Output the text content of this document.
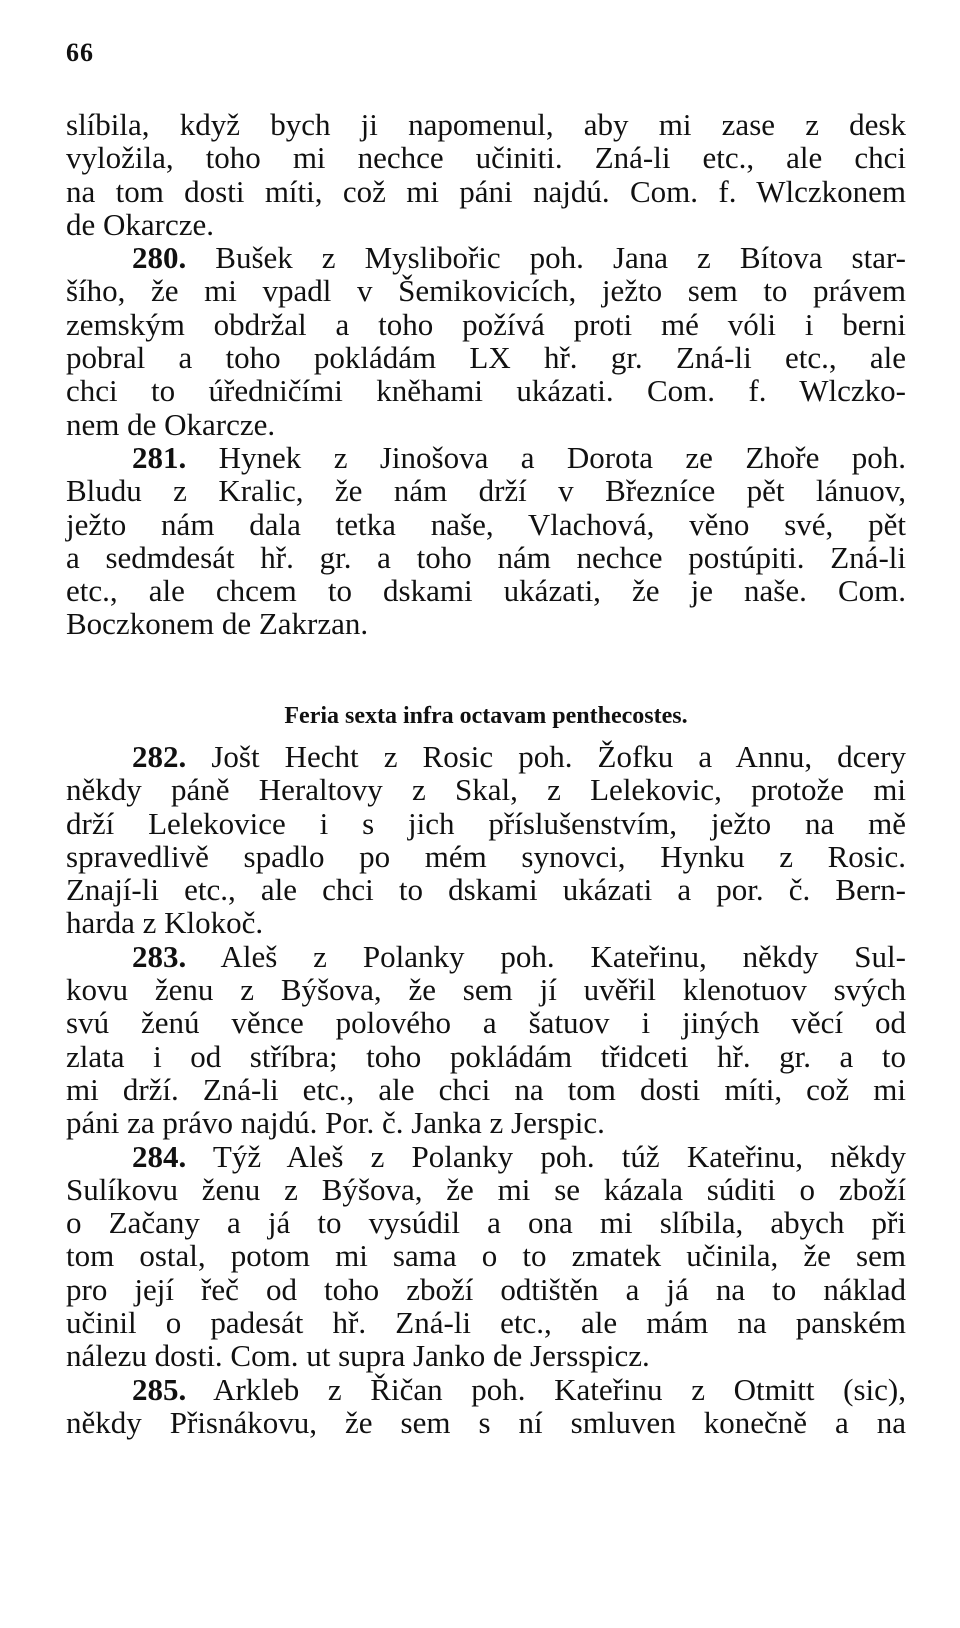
66
slíbila, když bych ji napomenul, aby mi zase z desk
vyložila, toho mi nechce učiniti. Zná-li etc., ale chci
na tom dosti míti, což mi páni najdú. Com. f. Wlczkonem
de Okarcze.
280. Bušek z Myslibořic poh. Jana z Bítova star-
šího, že mi vpadl v Šemikovicích, ježto sem to právem
zemským obdržal a toho požívá proti mé vóli i berni
pobral a toho pokládám LX hř. gr. Zná-li etc., ale
chci to úředničími kněhami ukázati. Com. f. Wlczko-
nem de Okarcze.
281. Hynek z Jinošova a Dorota ze Zhoře poh.
Bludu z Kralic, že nám drží v Březníce pět lánuov,
ježto nám dala tetka naše, Vlachová, věno své, pět
a sedmdesát hř. gr. a toho nám nechce postúpiti. Zná-li
etc., ale chcem to dskami ukázati, že je naše. Com.
Boczkonem de Zakrzan.
Feria sexta infra octavam penthecostes.
282. Jošt Hecht z Rosic poh. Žofku a Annu, dcery
někdy páně Heraltovy z Skal, z Lelekovic, protože mi
drží Lelekovice i s jich příslušenstvím, ježto na mě
spravedlivě spadlo po mém synovci, Hynku z Rosic.
Znají-li etc., ale chci to dskami ukázati a por. č. Bern-
harda z Klokoč.
283. Aleš z Polanky poh. Kateřinu, někdy Sul-
kovu ženu z Býšova, že sem jí uvěřil klenotuov svých
svú ženú věnce polového a šatuov i jiných věcí od
zlata i od stříbra; toho pokládám třidceti hř. gr. a to
mi drží. Zná-li etc., ale chci na tom dosti míti, což mi
páni za právo najdú. Por. č. Janka z Jerspic.
284. Týž Aleš z Polanky poh. túž Kateřinu, někdy
Sulíkovu ženu z Býšova, že mi se kázala súditi o zboží
o Začany a já to vysúdil a ona mi slíbila, abych při
tom ostal, potom mi sama o to zmatek učinila, že sem
pro její řeč od toho zboží odtištěn a já na to náklad
učinil o padesát hř. Zná-li etc., ale mám na panském
nálezu dosti. Com. ut supra Janko de Jersspicz.
285. Arkleb z Řičan poh. Kateřinu z Otmitt (sic),
někdy Přisnákovu, že sem s ní smluven konečně a na
